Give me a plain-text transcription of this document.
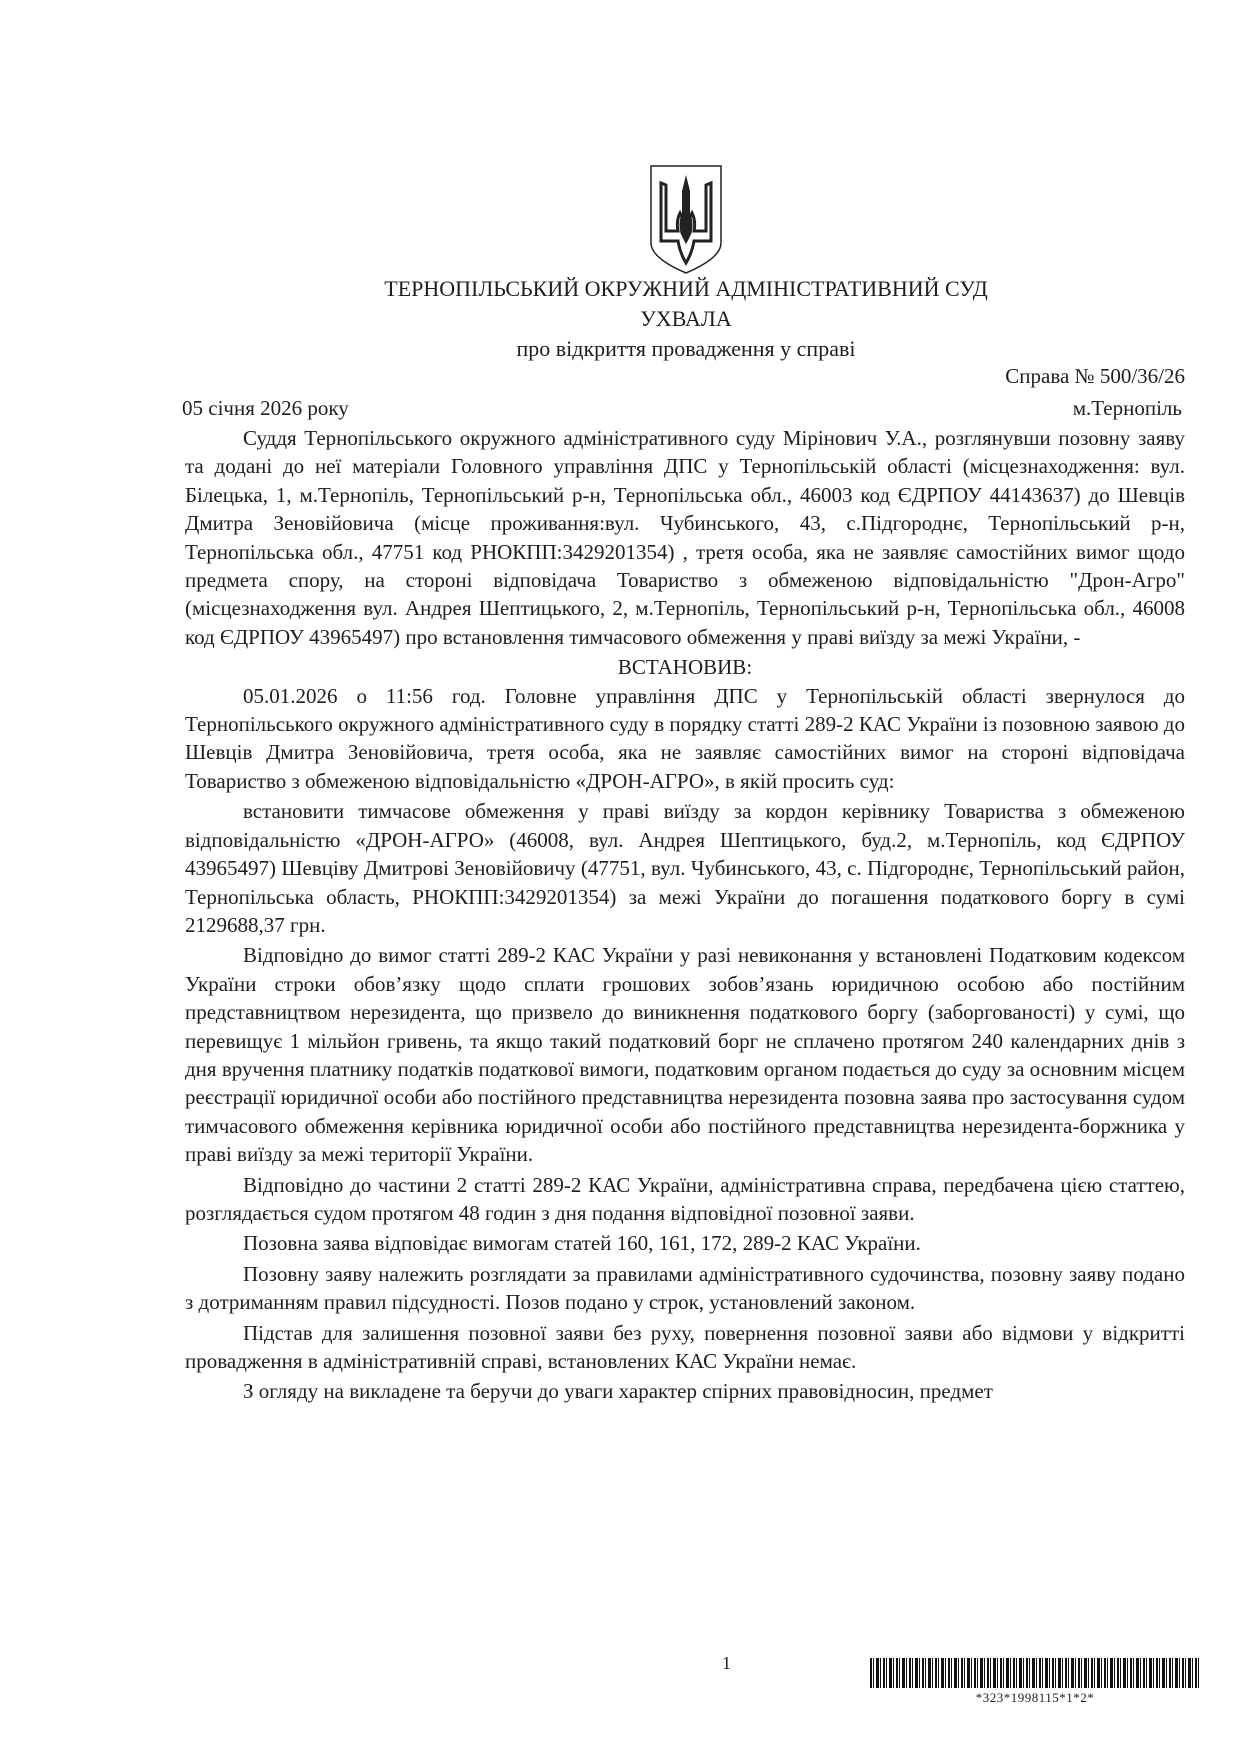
ТЕРНОПІЛЬСЬКИЙ ОКРУЖНИЙ АДМІНІСТРАТИВНИЙ СУД
УХВАЛА
про відкриття провадження у справі
Справа № 500/36/26
05 січня 2026 року	м.Тернопіль

Суддя Тернопільського окружного адміністративного суду Мірінович У.А., розглянувши позовну заяву та додані до неї матеріали Головного управління ДПС у Тернопільській області (місцезнаходження: вул. Білецька, 1, м.Тернопіль, Тернопільський р-н, Тернопільська обл., 46003 код ЄДРПОУ 44143637) до Шевців Дмитра Зеновійовича (місце проживання:вул. Чубинського, 43, с.Підгороднє, Тернопільський р-н, Тернопільська обл., 47751 код РНОКПП:3429201354) , третя особа, яка не заявляє самостійних вимог щодо предмета спору, на стороні відповідача Товариство з обмеженою відповідальністю "Дрон-Агро" (місцезнаходження вул. Андрея Шептицького, 2, м.Тернопіль, Тернопільський р-н, Тернопільська обл., 46008 код ЄДРПОУ 43965497) про встановлення тимчасового обмеження у праві виїзду за межі України, -

ВСТАНОВИВ:

05.01.2026 о 11:56 год. Головне управління ДПС у Тернопільській області звернулося до Тернопільського окружного адміністративного суду в порядку статті 289-2 КАС України із позовною заявою до Шевців Дмитра Зеновійовича, третя особа, яка не заявляє самостійних вимог на стороні відповідача Товариство з обмеженою відповідальністю «ДРОН-АГРО», в якій просить суд:

встановити тимчасове обмеження у праві виїзду за кордон керівнику Товариства з обмеженою відповідальністю «ДРОН-АГРО» (46008, вул. Андрея Шептицького, буд.2, м.Тернопіль, код ЄДРПОУ 43965497) Шевціву Дмитрові Зеновійовичу (47751, вул. Чубинського, 43, с. Підгороднє, Тернопільський район, Тернопільська область, РНОКПП:3429201354) за межі України до погашення податкового боргу в сумі 2129688,37 грн.

Відповідно до вимог статті 289-2 КАС України у разі невиконання у встановлені Податковим кодексом України строки обов’язку щодо сплати грошових зобов’язань юридичною особою або постійним представництвом нерезидента, що призвело до виникнення податкового боргу (заборгованості) у сумі, що перевищує 1 мільйон гривень, та якщо такий податковий борг не сплачено протягом 240 календарних днів з дня вручення платнику податків податкової вимоги, податковим органом подається до суду за основним місцем реєстрації юридичної особи або постійного представництва нерезидента позовна заява про застосування судом тимчасового обмеження керівника юридичної особи або постійного представництва нерезидента-боржника у праві виїзду за межі території України.

Відповідно до частини 2 статті 289-2 КАС України, адміністративна справа, передбачена цією статтею, розглядається судом протягом 48 годин з дня подання відповідної позовної заяви.

Позовна заява відповідає вимогам статей 160, 161, 172, 289-2 КАС України.

Позовну заяву належить розглядати за правилами адміністративного судочинства, позовну заяву подано з дотриманням правил підсудності. Позов подано у строк, установлений законом.

Підстав для залишення позовної заяви без руху, повернення позовної заяви або відмови у відкритті провадження в адміністративній справі, встановлених КАС України немає.

З огляду на викладене та беручи до уваги характер спірних правовідносин, предмет

1
*323*1998115*1*2*
